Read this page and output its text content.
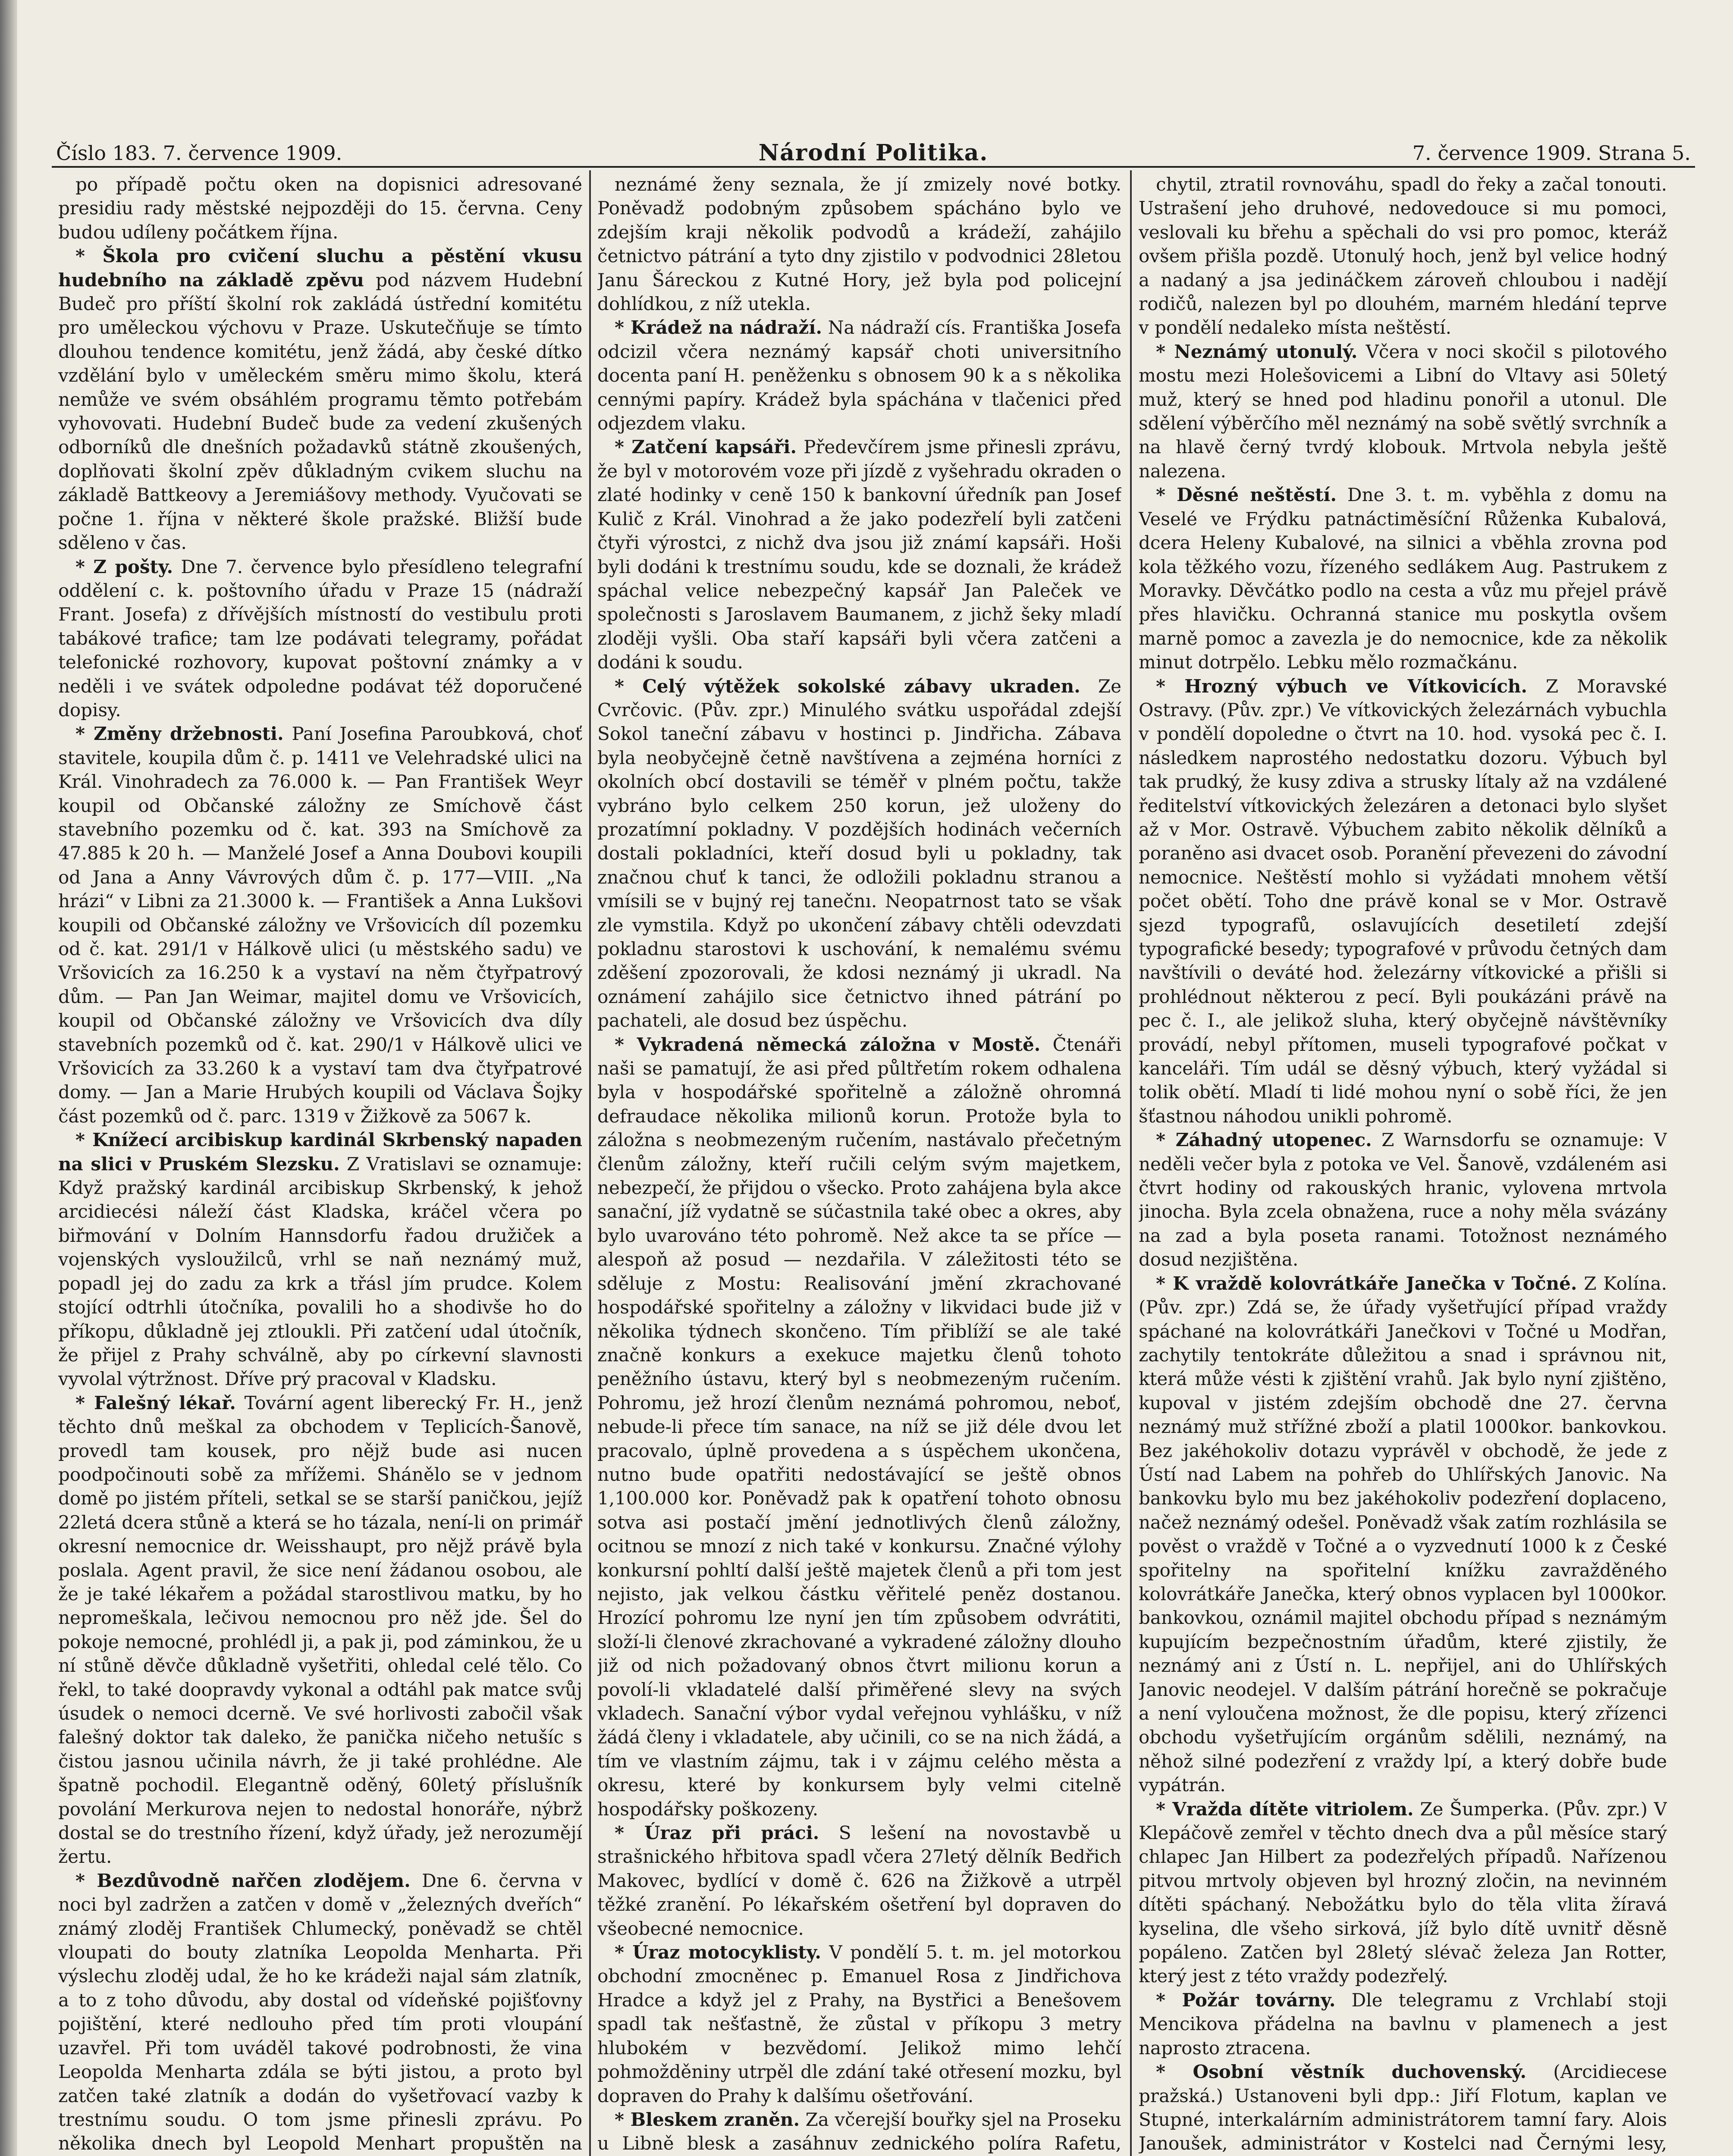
Číslo 183. 7. července 1909.	Národní Politika.	7. července 1909. Strana 5.

po případě počtu oken na dopisnici adresované presidiu rady městské nejpozději do 15. června. Ceny budou udíleny počátkem října.

* Škola pro cvičení sluchu a pěstění vkusu hudebního na základě zpěvu pod názvem Hudební Budeč pro příští školní rok zakládá ústřední komitétu pro uměleckou výchovu v Praze. Uskutečňuje se tímto dlouhou tendence komitétu, jenž žádá, aby české dítko vzdělání bylo v uměleckém směru mimo školu, která nemůže ve svém obsáhlém programu těmto potřebám vyhovovati. Hudební Budeč bude za vedení zkušených odborníků dle dnešních požadavků státně zkoušených, doplňovati školní zpěv důkladným cvikem sluchu na základě Battkeovy a Jeremiášovy methody. Vyučovati se počne 1. října v některé škole pražské. Bližší bude sděleno v čas.

* Z pošty. Dne 7. července bylo přesídleno telegrafní oddělení c. k. poštovního úřadu v Praze 15 (nádraží Frant. Josefa) z dřívějších místností do vestibulu proti tabákové trafice; tam lze podávati telegramy, pořádat telefonické rozhovory, kupovat poštovní známky a v neděli i ve svátek odpoledne podávat též doporučené dopisy.

* Změny držebnosti. Paní Josefina Paroubková, choť stavitele, koupila dům č. p. 1411 ve Velehradské ulici na Král. Vinohradech za 76.000 k. — Pan František Weyr koupil od Občanské záložny ze Smíchově část stavebního pozemku od č. kat. 393 na Smíchově za 47.885 k 20 h. — Manželé Josef a Anna Doubovi koupili od Jana a Anny Vávrových dům č. p. 177—VIII. „Na hrázi“ v Libni za 21.3000 k. — František a Anna Lukšovi koupili od Občanské záložny ve Vršovicích díl pozemku od č. kat. 291/1 v Hálkově ulici (u městského sadu) ve Vršovicích za 16.250 k a vystaví na něm čtyřpatrový dům. — Pan Jan Weimar, majitel domu ve Vršovicích, koupil od Občanské záložny ve Vršovicích dva díly stavebních pozemků od č. kat. 290/1 v Hálkově ulici ve Vršovicích za 33.260 k a vystaví tam dva čtyřpatrové domy. — Jan a Marie Hrubých koupili od Václava Šojky část pozemků od č. parc. 1319 v Žižkově za 5067 k.

* Knížecí arcibiskup kardinál Skrbenský napaden na slici v Pruském Slezsku. Z Vratislavi se oznamuje: Když pražský kardinál arcibiskup Skrbenský, k jehož arcidiecési náleží část Kladska, kráčel včera po biřmování v Dolním Hannsdorfu řadou družiček a vojenských vysloužilců, vrhl se naň neznámý muž, popadl jej do zadu za krk a třásl jím prudce. Kolem stojící odtrhli útočníka, povalili ho a shodivše ho do příkopu, důkladně jej ztloukli. Při zatčení udal útočník, že přijel z Prahy schválně, aby po církevní slavnosti vyvolal výtržnost. Dříve prý pracoval v Kladsku.

* Falešný lékař. Tovární agent liberecký Fr. H., jenž těchto dnů meškal za obchodem v Teplicích-Šanově, provedl tam kousek, pro nějž bude asi nucen poodpočinouti sobě za mřížemi. Shánělo se v jednom domě po jistém příteli, setkal se se starší paničkou, jejíž 22letá dcera stůně a která se ho tázala, není-li on primář okresní nemocnice dr. Weisshaupt, pro nějž právě byla poslala. Agent pravil, že sice není žádanou osobou, ale že je také lékařem a požádal starostlivou matku, by ho nepromeškala, lečivou nemocnou pro něž jde. Šel do pokoje nemocné, prohlédl ji, a pak ji, pod záminkou, že u ní stůně děvče důkladně vyšetřiti, ohledal celé tělo. Co řekl, to také doopravdy vykonal a odtáhl pak matce svůj úsudek o nemoci dcerně. Ve své horlivosti zabočil však falešný doktor tak daleko, že panička ničeho netušíc s čistou jasnou učinila návrh, že ji také prohlédne. Ale špatně pochodil. Elegantně oděný, 60letý příslušník povolání Merkurova nejen to nedostal honoráře, nýbrž dostal se do trestního řízení, když úřady, jež nerozumějí žertu.

* Bezdůvodně nařčen zlodějem. Dne 6. června v noci byl zadržen a zatčen v domě v „železných dveřích“ známý zloděj František Chlumecký, poněvadž se chtěl vloupati do bouty zlatníka Leopolda Menharta. Při výslechu zloděj udal, že ho ke krádeži najal sám zlatník, a to z toho důvodu, aby dostal od vídeňské pojišťovny pojištění, které nedlouho před tím proti vloupání uzavřel. Při tom uváděl takové podrobnosti, že vina Leopolda Menharta zdála se býti jistou, a proto byl zatčen také zlatník a dodán do vyšetřovací vazby k trestnímu soudu. O tom jsme přinesli zprávu. Po několika dnech byl Leopold Menhart propuštěn na

neznámé ženy seznala, že jí zmizely nové botky. Poněvadž podobným způsobem spácháno bylo ve zdejším kraji několik podvodů a krádeží, zahájilo četnictvo pátrání a tyto dny zjistilo v podvodnici 28letou Janu Šáreckou z Kutné Hory, jež byla pod policejní dohlídkou, z níž utekla.

* Krádež na nádraží. Na nádraží cís. Františka Josefa odcizil včera neznámý kapsář choti universitního docenta paní H. peněženku s obnosem 90 k a s několika cennými papíry. Krádež byla spáchána v tlačenici před odjezdem vlaku.

* Zatčení kapsáři. Předevčírem jsme přinesli zprávu, že byl v motorovém voze při jízdě z vyšehradu okraden o zlaté hodinky v ceně 150 k bankovní úředník pan Josef Kulič z Král. Vinohrad a že jako podezřelí byli zatčeni čtyři výrostci, z nichž dva jsou již známí kapsáři. Hoši byli dodáni k trestnímu soudu, kde se doznali, že krádež spáchal velice nebezpečný kapsář Jan Paleček ve společnosti s Jaroslavem Baumanem, z jichž šeky mladí zloději vyšli. Oba staří kapsáři byli včera zatčeni a dodáni k soudu.

* Celý výtěžek sokolské zábavy ukraden. Ze Cvrčovic. (Pův. zpr.) Minulého svátku uspořádal zdejší Sokol taneční zábavu v hostinci p. Jindřicha. Zábava byla neobyčejně četně navštívena a zejména horníci z okolních obcí dostavili se téměř v plném počtu, takže vybráno bylo celkem 250 korun, jež uloženy do prozatímní pokladny. V pozdějších hodinách večerních dostali pokladníci, kteří dosud byli u pokladny, tak značnou chuť k tanci, že odložili pokladnu stranou a vmísili se v bujný rej tanečnı. Neopatrnost tato se však zle vymstila. Když po ukončení zábavy chtěli odevzdati pokladnu starostovi k uschování, k nemalému svému zděšení zpozorovali, že kdosi neznámý ji ukradl. Na oznámení zahájilo sice četnictvo ihned pátrání po pachateli, ale dosud bez úspěchu.

* Vykradená německá záložna v Mostě. Čtenáři naši se pamatují, že asi před půltřetím rokem odhalena byla v hospodářské spořitelně a záložně ohromná defraudace několika milionů korun. Protože byla to záložna s neobmezeným ručením, nastávalo přečetným členům záložny, kteří ručili celým svým majetkem, nebezpečí, že přijdou o všecko. Proto zahájena byla akce sanační, jíž vydatně se súčastnila také obec a okres, aby bylo uvarováno této pohromě. Než akce ta se příce — alespoň až posud — nezdařila. V záležitosti této se sděluje z Mostu: Realisování jmění zkrachované hospodářské spořitelny a záložny v likvidaci bude již v několika týdnech skončeno. Tím přiblíží se ale také značně konkurs a exekuce majetku členů tohoto peněžního ústavu, který byl s neobmezeným ručením. Pohromu, jež hrozí členům neznámá pohromou, neboť, nebude-li přece tím sanace, na níž se již déle dvou let pracovalo, úplně provedena a s úspěchem ukončena, nutno bude opatřiti nedostávající se ještě obnos 1,100.000 kor. Poněvadž pak k opatření tohoto obnosu sotva asi postačí jmění jednotlivých členů záložny, ocitnou se mnozí z nich také v konkursu. Značné výlohy konkursní pohltí další ještě majetek členů a při tom jest nejisto, jak velkou částku věřitelé peněz dostanou. Hrozící pohromu lze nyní jen tím způsobem odvrátiti, složí-li členové zkrachované a vykradené záložny dlouho již od nich požadovaný obnos čtvrt milionu korun a povolí-li vkladatelé další přiměřené slevy na svých vkladech. Sanační výbor vydal veřejnou vyhlášku, v níž žádá členy i vkladatele, aby učinili, co se na nich žádá, a tím ve vlastním zájmu, tak i v zájmu celého města a okresu, které by konkursem byly velmi citelně hospodářsky poškozeny.

* Úraz při práci. S lešení na novostavbě u strašnického hřbitova spadl včera 27letý dělník Bedřich Makovec, bydlící v domě č. 626 na Žižkově a utrpěl těžké zranění. Po lékařském ošetření byl dopraven do všeobecné nemocnice.

* Úraz motocyklisty. V pondělí 5. t. m. jel motorkou obchodní zmocněnec p. Emanuel Rosa z Jindřichova Hradce a když jel z Prahy, na Bystřici a Benešovem spadl tak nešťastně, že zůstal v příkopu 3 metry hlubokém v bezvědomí. Jelikož mimo lehčí pohmožděniny utrpěl dle zdání také otřesení mozku, byl dopraven do Prahy k dalšímu ošetřování.

* Bleskem zraněn. Za včerejší bouřky sjel na Proseku u Libně blesk a zasáhnuv zednického políra Rafetu,

chytil, ztratil rovnováhu, spadl do řeky a začal tonouti. Ustrašení jeho druhové, nedovedouce si mu pomoci, veslovali ku břehu a spěchali do vsi pro pomoc, kteráž ovšem přišla pozdě. Utonulý hoch, jenž byl velice hodný a nadaný a jsa jedináčkem zároveň chloubou i nadějí rodičů, nalezen byl po dlouhém, marném hledání teprve v pondělí nedaleko místa neštěstí.

* Neznámý utonulý. Včera v noci skočil s pilotového mostu mezi Holešovicemi a Libní do Vltavy asi 50letý muž, který se hned pod hladinu ponořil a utonul. Dle sdělení výběrčího měl neznámý na sobě světlý svrchník a na hlavě černý tvrdý klobouk. Mrtvola nebyla ještě nalezena.

* Děsné neštěstí. Dne 3. t. m. vyběhla z domu na Veselé ve Frýdku patnáctiměsíční Růženka Kubalová, dcera Heleny Kubalové, na silnici a vběhla zrovna pod kola těžkého vozu, řízeného sedlákem Aug. Pastrukem z Moravky. Děvčátko podlo na cesta a vůz mu přejel právě přes hlavičku. Ochranná stanice mu poskytla ovšem marně pomoc a zavezla je do nemocnice, kde za několik minut dotrpělo. Lebku mělo rozmačkánu.

* Hrozný výbuch ve Vítkovicích. Z Moravské Ostravy. (Pův. zpr.) Ve vítkovických železárnách vybuchla v pondělí dopoledne o čtvrt na 10. hod. vysoká pec č. I. následkem naprostého nedostatku dozoru. Výbuch byl tak prudký, že kusy zdiva a strusky lítaly až na vzdálené ředitelství vítkovických železáren a detonaci bylo slyšet až v Mor. Ostravě. Výbuchem zabito několik dělníků a poraněno asi dvacet osob. Poranění převezeni do závodní nemocnice. Neštěstí mohlo si vyžádati mnohem větší počet obětí. Toho dne právě konal se v Mor. Ostravě sjezd typografů, oslavujících desetiletí zdejší typografické besedy; typografové v průvodu četných dam navštívili o deváté hod. železárny vítkovické a přišli si prohlédnout některou z pecí. Byli poukázáni právě na pec č. I., ale jelikož sluha, který obyčejně návštěvníky provádí, nebyl přítomen, museli typografové počkat v kanceláři. Tím udál se děsný výbuch, který vyžádal si tolik obětí. Mladí ti lidé mohou nyní o sobě říci, že jen šťastnou náhodou unikli pohromě.

* Záhadný utopenec. Z Warnsdorfu se oznamuje: V neděli večer byla z potoka ve Vel. Šanově, vzdáleném asi čtvrt hodiny od rakouských hranic, vylovena mrtvola jinocha. Byla zcela obnažena, ruce a nohy měla svázány na zad a byla poseta ranami. Totožnost neznámého dosud nezjištěna.

* K vraždě kolovrátkáře Janečka v Točné. Z Kolína. (Pův. zpr.) Zdá se, že úřady vyšetřující případ vraždy spáchané na kolovrátkáři Janečkovi v Točné u Modřan, zachytily tentokráte důležitou a snad i správnou nit, která může vésti k zjištění vrahů. Jak bylo nyní zjištěno, kupoval v jistém zdejším obchodě dne 27. června neznámý muž střížné zboží a platil 1000kor. bankovkou. Bez jakéhokoliv dotazu vyprávěl v obchodě, že jede z Ústí nad Labem na pohřeb do Uhlířských Janovic. Na bankovku bylo mu bez jakéhokoliv podezření doplaceno, načež neznámý odešel. Poněvadž však zatím rozhlásila se pověst o vraždě v Točné a o vyzvednutí 1000 k z České spořitelny na spořitelní knížku zavražděného kolovrátkáře Janečka, který obnos vyplacen byl 1000kor. bankovkou, oznámil majitel obchodu případ s neznámým kupujícím bezpečnostním úřadům, které zjistily, že neznámý ani z Ústí n. L. nepřijel, ani do Uhlířských Janovic neodejel. V dalším pátrání horečně se pokračuje a není vyloučena možnost, že dle popisu, který zřízenci obchodu vyšetřujícím orgánům sdělili, neznámý, na něhož silné podezření z vraždy lpí, a který dobře bude vypátrán.

* Vražda dítěte vitriolem. Ze Šumperka. (Pův. zpr.) V Klepáčově zemřel v těchto dnech dva a půl měsíce starý chlapec Jan Hilbert za podezřelých případů. Nařízenou pitvou mrtvoly objeven byl hrozný zločin, na nevinném dítěti spáchaný. Nebožátku bylo do těla vlita žíravá kyselina, dle všeho sirková, jíž bylo dítě uvnitř děsně popáleno. Zatčen byl 28letý slévač železa Jan Rotter, který jest z této vraždy podezřelý.

* Požár továrny. Dle telegramu z Vrchlabí stoji Mencikova přádelna na bavlnu v plamenech a jest naprosto ztracena.

* Osobní věstník duchovenský. (Arcidiecese pražská.) Ustanoveni byli dpp.: Jiří Flotum, kaplan ve Stupné, interkalárním administrátorem tamní fary. Alois Janoušek, administrátor v Kostelci nad Černými lesy,
